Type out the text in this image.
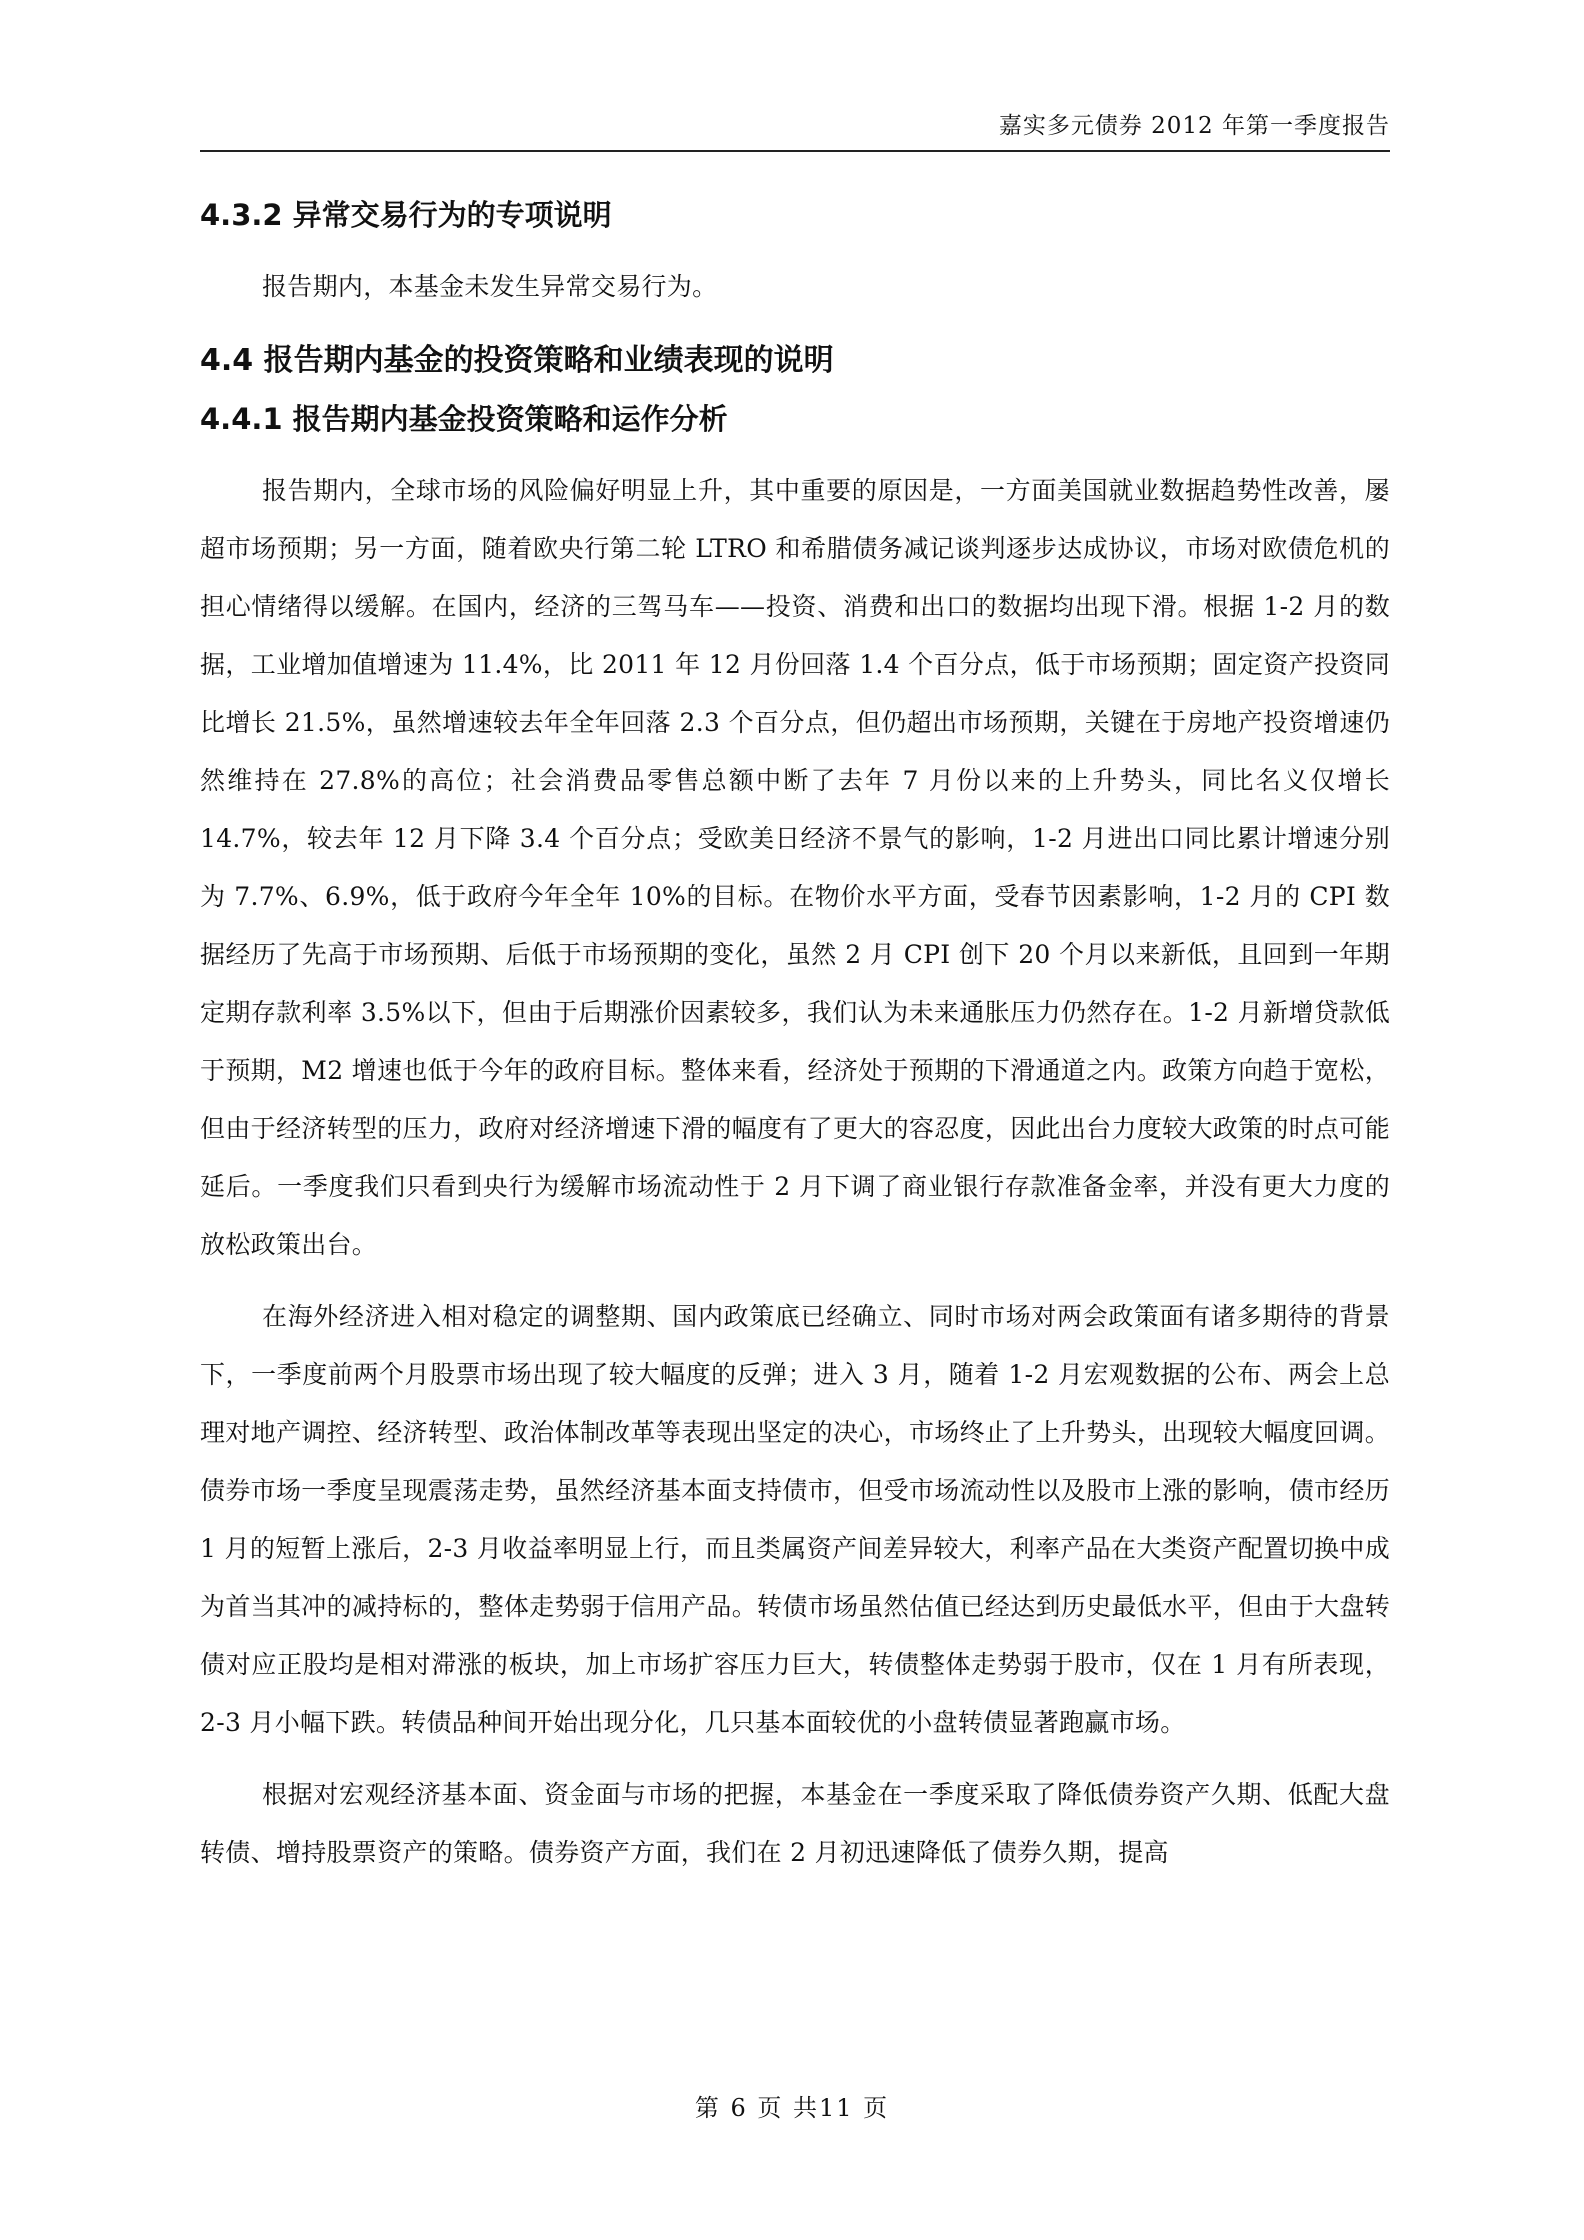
嘉实多元债券 2012 年第一季度报告
4.3.2 异常交易行为的专项说明

报告期内，本基金未发生异常交易行为。

4.4 报告期内基金的投资策略和业绩表现的说明
4.4.1 报告期内基金投资策略和运作分析

报告期内，全球市场的风险偏好明显上升，其中重要的原因是，一方面美国就业数据趋势性改善，屡超市场预期；另一方面，随着欧央行第二轮 LTRO 和希腊债务减记谈判逐步达成协议，市场对欧债危机的担心情绪得以缓解。在国内，经济的三驾马车——投资、消费和出口的数据均出现下滑。根据 1-2 月的数据，工业增加值增速为 11.4%，比 2011 年 12 月份回落 1.4 个百分点，低于市场预期；固定资产投资同比增长 21.5%，虽然增速较去年全年回落 2.3 个百分点，但仍超出市场预期，关键在于房地产投资增速仍然维持在 27.8%的高位；社会消费品零售总额中断了去年 7 月份以来的上升势头，同比名义仅增长 14.7%，较去年 12 月下降 3.4 个百分点；受欧美日经济不景气的影响，1-2 月进出口同比累计增速分别为 7.7%、6.9%，低于政府今年全年 10%的目标。在物价水平方面，受春节因素影响，1-2 月的 CPI 数据经历了先高于市场预期、后低于市场预期的变化，虽然 2 月 CPI 创下 20 个月以来新低，且回到一年期定期存款利率 3.5%以下，但由于后期涨价因素较多，我们认为未来通胀压力仍然存在。1-2 月新增贷款低于预期，M2 增速也低于今年的政府目标。整体来看，经济处于预期的下滑通道之内。政策方向趋于宽松，但由于经济转型的压力，政府对经济增速下滑的幅度有了更大的容忍度，因此出台力度较大政策的时点可能延后。一季度我们只看到央行为缓解市场流动性于 2 月下调了商业银行存款准备金率，并没有更大力度的放松政策出台。

在海外经济进入相对稳定的调整期、国内政策底已经确立、同时市场对两会政策面有诸多期待的背景下，一季度前两个月股票市场出现了较大幅度的反弹；进入 3 月，随着 1-2 月宏观数据的公布、两会上总理对地产调控、经济转型、政治体制改革等表现出坚定的决心，市场终止了上升势头，出现较大幅度回调。债券市场一季度呈现震荡走势，虽然经济基本面支持债市，但受市场流动性以及股市上涨的影响，债市经历 1 月的短暂上涨后，2-3 月收益率明显上行，而且类属资产间差异较大，利率产品在大类资产配置切换中成为首当其冲的减持标的，整体走势弱于信用产品。转债市场虽然估值已经达到历史最低水平，但由于大盘转债对应正股均是相对滞涨的板块，加上市场扩容压力巨大，转债整体走势弱于股市，仅在 1 月有所表现，2-3 月小幅下跌。转债品种间开始出现分化，几只基本面较优的小盘转债显著跑赢市场。

根据对宏观经济基本面、资金面与市场的把握，本基金在一季度采取了降低债券资产久期、低配大盘转债、增持股票资产的策略。债券资产方面，我们在 2 月初迅速降低了债券久期，提高

第 6 页 共11 页
